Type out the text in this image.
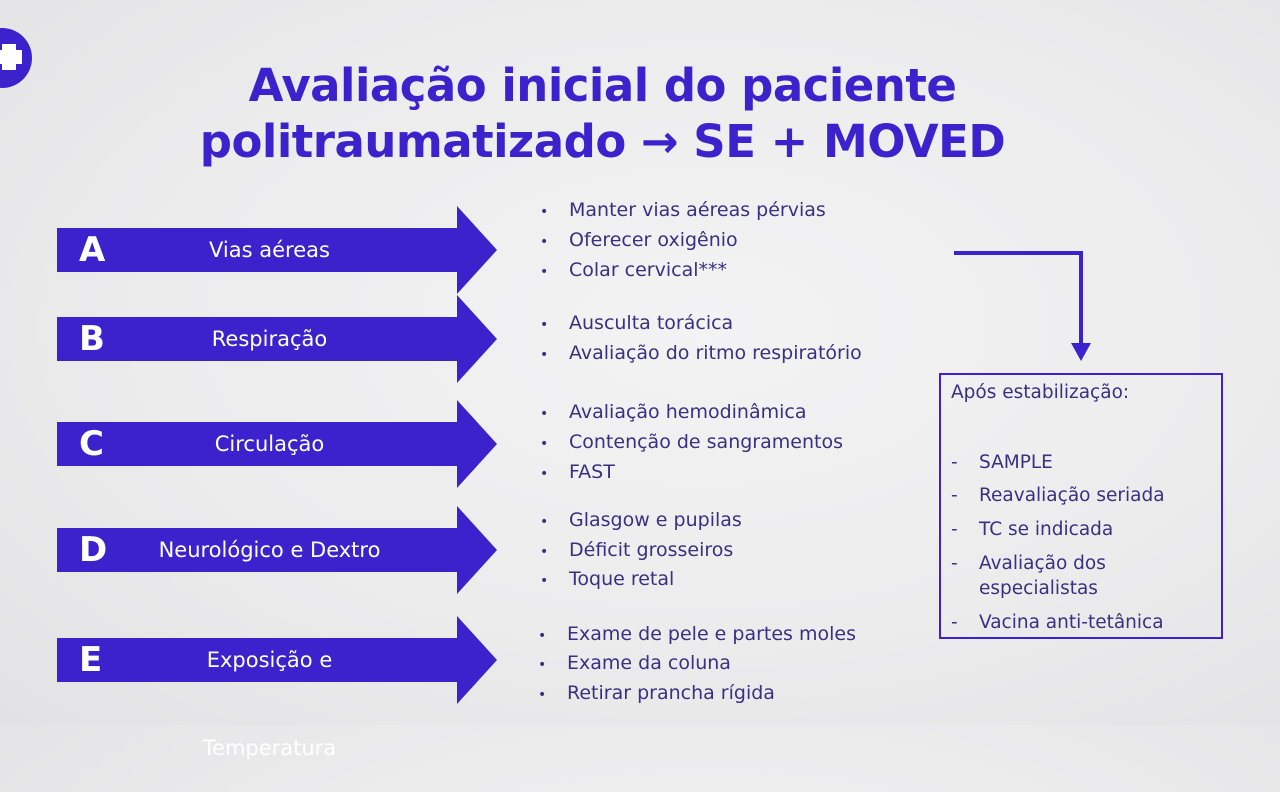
Avaliação inicial do paciente
politraumatizado → SE + MOVED
A	Vias aéreas
• Manter vias aéreas pérvias
• Oferecer oxigênio
• Colar cervical***
B	Respiração
• Ausculta torácica
• Avaliação do ritmo respiratório
C	Circulação
• Avaliação hemodinâmica
• Contenção de sangramentos
• FAST
D	Neurológico e Dextro
• Glasgow e pupilas
• Déficit grosseiros
• Toque retal
E	Exposição e Temperatura
• Exame de pele e partes moles
• Exame da coluna
• Retirar prancha rígida
Após estabilização:
-	SAMPLE
-	Reavaliação seriada
-	TC se indicada
-	Avaliação dos especialistas
-	Vacina anti-tetânica
